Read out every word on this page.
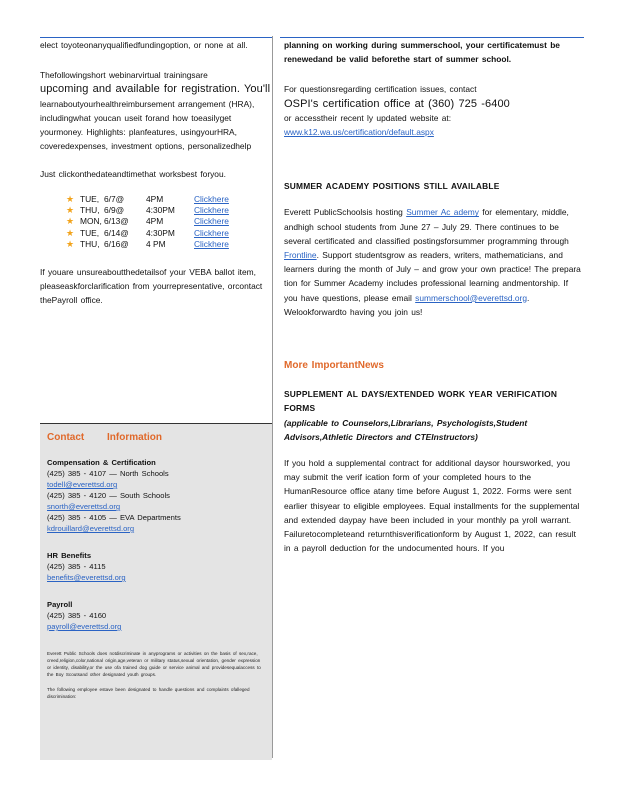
elect toyoteonanyqualifiedfundingoption, or none at all.

Thefollowingshort webinarvirtual trainingsare

upcoming and available for registration. You'll

learnaboutyourhealthreimbursement arrangement (HRA), includingwhat youcan useit forand how toeasilyget yourmoney. Highlights: planfeatures, usingyourHRA, coveredexpenses, investment options, personalizedhelp

Just clickonthedateandtimethat worksbest foryou.

★ TUE, 6/7@	4PM	Clickhere
★ THU, 6/9@	4:30PM Clickhere
★ MON, 6/13@ 4PM	Clickhere
★ TUE, 6/14@ 4:30PM Clickhere
★ THU, 6/16@ 4 PM	Clickhere

If youare unsureaboutthedetailsof your VEBA ballot item, pleaseaskforclarification from yourrepresentative, orcontact thePayroll office.

Contact Information

Compensation & Certification

(425) 385 - 4107 — North Schools

todell@everettsd.org

(425) 385 - 4120 — South Schools

snorth@everettsd.org

(425) 385 - 4105 — EVA Departments

kdrouillard@everettsd.org

HR Benefits

(425) 385 - 4115

benefits@everettsd.org

Payroll

(425) 385 - 4160

payroll@everettsd.org

Everett Public Schools does notdiscriminate in anyprograms or activities on the basis of sex,race, creed,religion,color,national origin,age,veteran or military status,sexual orientation, gender expression or identity, disability,or the use ofa trained dog guide or service animal and providesequalaccess to the Boy Scoutsand other designated youth groups.

The following employee estave been designated to handle questions and complaints ofalleged discrimination:

planning on working during summerschool, your certificatemust be renewedand be valid beforethe start of summer school.

For questionsregarding certification issues, contact

OSPI's certification office at (360) 725 -6400

or accesstheir recent ly updated website at: www.k12.wa.us/certification/default.aspx

SUMMER ACADEMY POSITIONS STILL AVAILABLE

Everett PublicSchoolsis hosting Summer Ac ademy for elementary, middle, andhigh school students from June 27 – July 29. There continues to be several certificated and classified postingsforsummer programming through Frontline. Support studentsgrow as readers, writers, mathematicians, and learners during the month of July – and grow your own practice! The prepara tion for Summer Academy includes professional learning andmentorship. If you have questions, please email summerschool@everettsd.org. Welookforwardto having you join us!

More ImportantNews

SUPPLEMENT AL DAYS/EXTENDED WORK YEAR VERIFICATION FORMS

(applicable to Counselors,Librarians, Psychologists,Student Advisors,Athletic Directors and CTEInstructors)

If you hold a supplemental contract for additional daysor hoursworked, you may submit the verif ication form of your completed hours to the HumanResource office atany time before August 1, 2022. Forms were sent earlier thisyear to eligible employees. Equal installments for the supplemental and extended daypay have been included in your monthly pa yroll warrant. Failuretocompleteand returnthisverificationform by August 1, 2022, can result in a payroll deduction for the undocumented hours. If you
